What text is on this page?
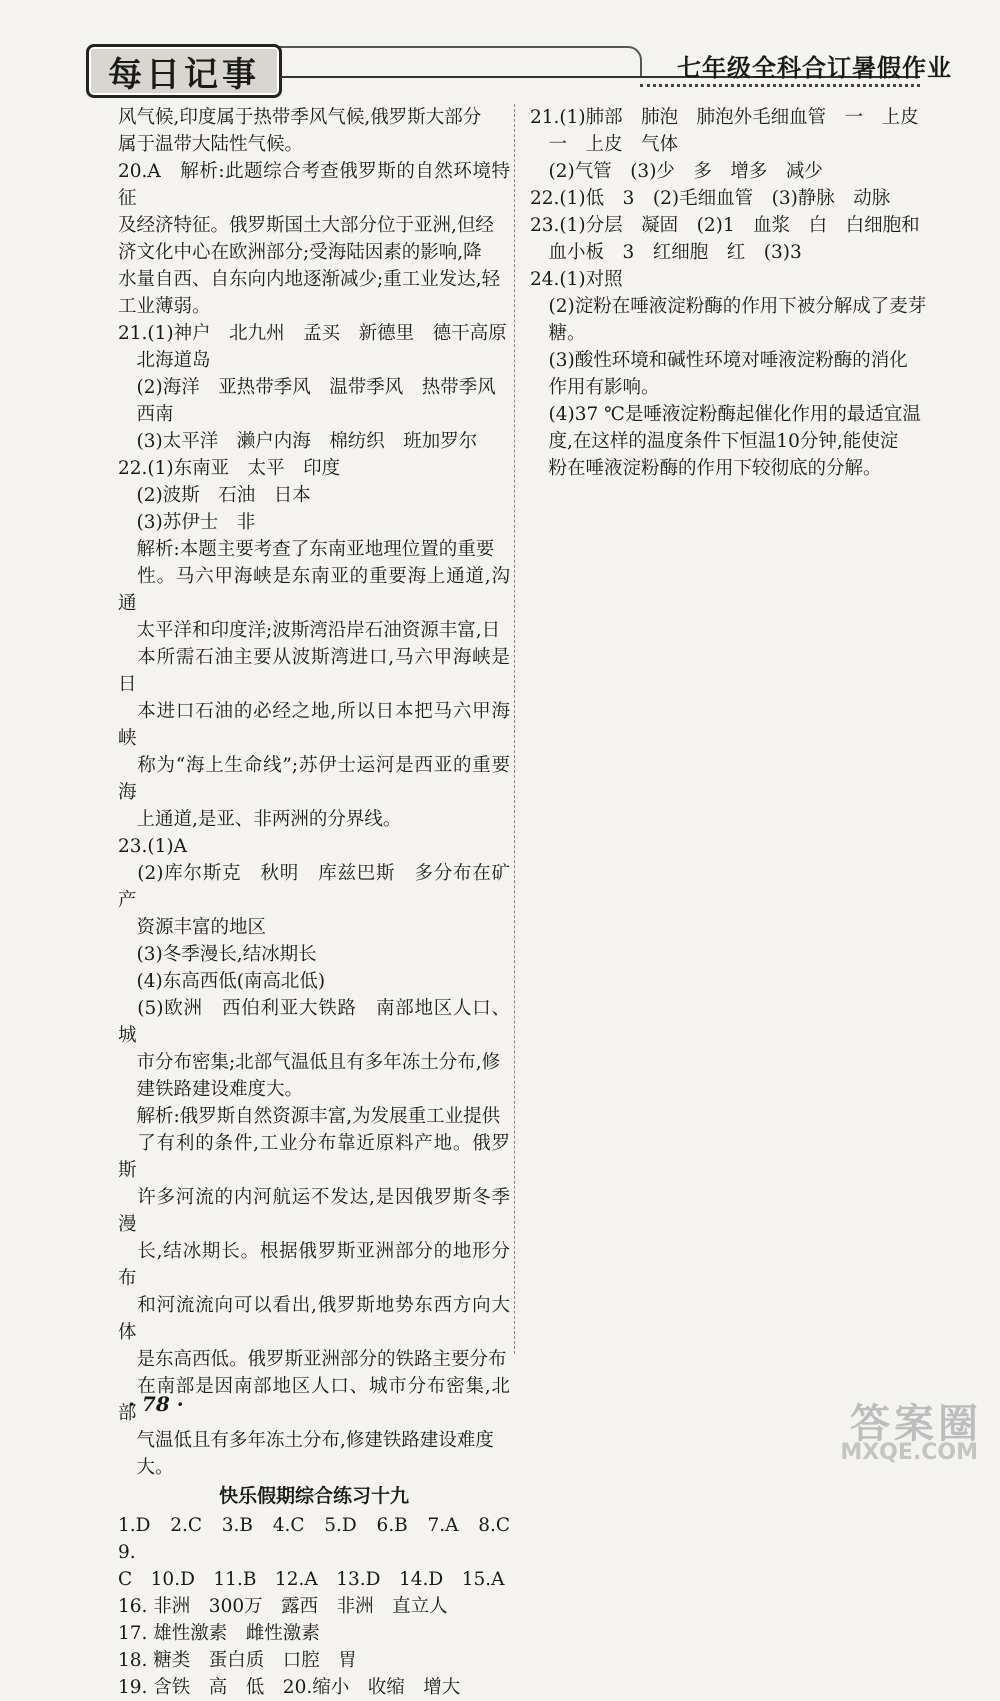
每日记事	七年级全科合订暑假作业

风气候,印度属于热带季风气候,俄罗斯大部分

属于温带大陆性气候。

20.A　解析:此题综合考查俄罗斯的自然环境特征

及经济特征。俄罗斯国土大部分位于亚洲,但经

济文化中心在欧洲部分;受海陆因素的影响,降

水量自西、自东向内地逐渐减少;重工业发达,轻

工业薄弱。

21.(1)神户　北九州　孟买　新德里　德干高原

　北海道岛

　(2)海洋　亚热带季风　温带季风　热带季风

　西南

　(3)太平洋　濑户内海　棉纺织　班加罗尔

22.(1)东南亚　太平　印度

　(2)波斯　石油　日本

　(3)苏伊士　非

　解析:本题主要考查了东南亚地理位置的重要

　性。马六甲海峡是东南亚的重要海上通道,沟通

　太平洋和印度洋;波斯湾沿岸石油资源丰富,日

　本所需石油主要从波斯湾进口,马六甲海峡是日

　本进口石油的必经之地,所以日本把马六甲海峡

　称为“海上生命线”;苏伊士运河是西亚的重要海

　上通道,是亚、非两洲的分界线。

23.(1)A

　(2)库尔斯克　秋明　库兹巴斯　多分布在矿产

　资源丰富的地区

　(3)冬季漫长,结冰期长

　(4)东高西低(南高北低)

　(5)欧洲　西伯利亚大铁路　南部地区人口、城

　市分布密集;北部气温低且有多年冻土分布,修

　建铁路建设难度大。

　解析:俄罗斯自然资源丰富,为发展重工业提供

　了有利的条件,工业分布靠近原料产地。俄罗斯

　许多河流的内河航运不发达,是因俄罗斯冬季漫

　长,结冰期长。根据俄罗斯亚洲部分的地形分布

　和河流流向可以看出,俄罗斯地势东西方向大体

　是东高西低。俄罗斯亚洲部分的铁路主要分布

　在南部是因南部地区人口、城市分布密集,北部

　气温低且有多年冻土分布,修建铁路建设难度

　大。

快乐假期综合练习十九

1.D　2.C　3.B　4.C　5.D　6.B　7.A　8.C　9.

C　10.D　11.B　12.A　13.D　14.D　15.A

16. 非洲　300万　露西　非洲　直立人

17. 雄性激素　雌性激素

18. 糖类　蛋白质　口腔　胃

19. 含铁　高　低　20.缩小　收缩　增大

21.(1)肺部　肺泡　肺泡外毛细血管　一　上皮

　一　上皮　气体

　(2)气管　(3)少　多　增多　减少

22.(1)低　3　(2)毛细血管　(3)静脉　动脉

23.(1)分层　凝固　(2)1　血浆　白　白细胞和

　血小板　3　红细胞　红　(3)3

24.(1)对照

　(2)淀粉在唾液淀粉酶的作用下被分解成了麦芽

　糖。

　(3)酸性环境和碱性环境对唾液淀粉酶的消化

　作用有影响。

　(4)37 ℃是唾液淀粉酶起催化作用的最适宜温

　度,在这样的温度条件下恒温10分钟,能使淀

　粉在唾液淀粉酶的作用下较彻底的分解。

· 78 ·	答案圈
MXQE.COM
